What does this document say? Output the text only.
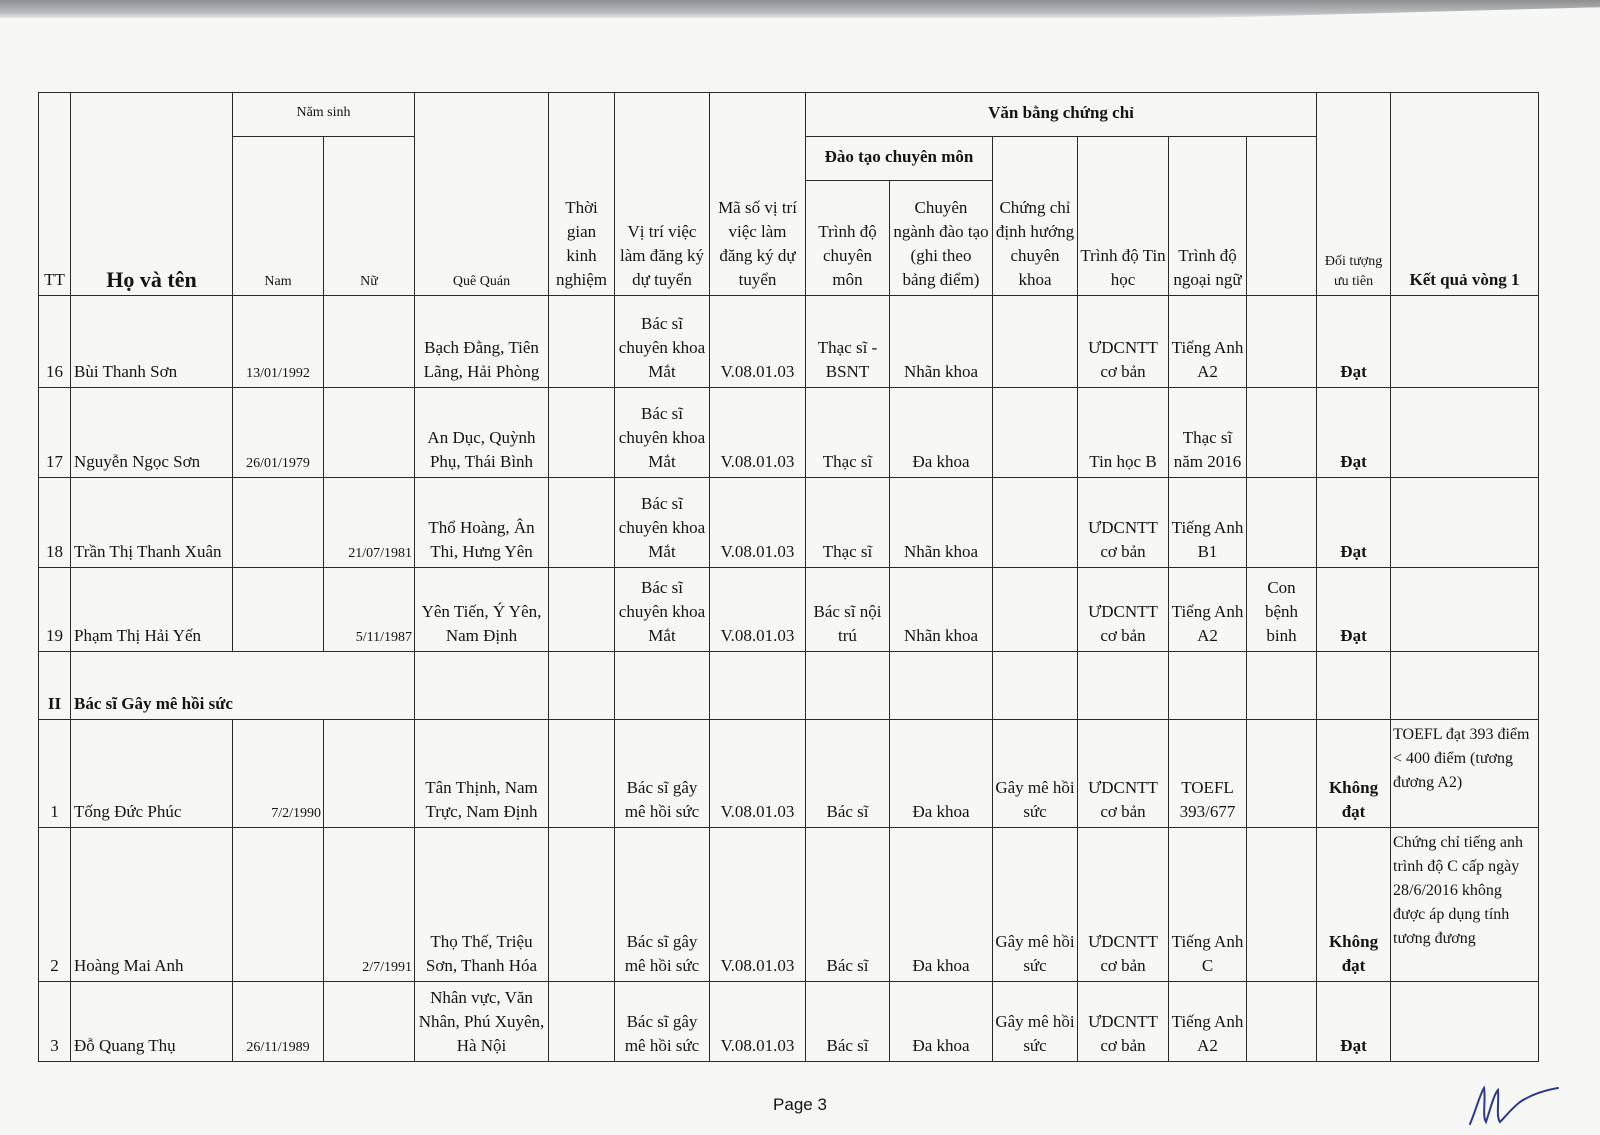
TT	Họ và tên	Năm sinh		Quê Quán	Thời gian kinh nghiệm	Vị trí việc làm đăng ký dự tuyển	Mã số vị trí việc làm đăng ký dự tuyển	Văn bằng chứng chỉ						Đối tượng ưu tiên	Kết quả vòng 1	
		Nam	Nữ					Đào tạo chuyên môn		Chứng chỉ định hướng chuyên khoa	Trình độ Tin học	Trình độ ngoại ngữ				
								Trình độ chuyên môn	Chuyên ngành đào tạo (ghi theo bảng điểm)							
16	Bùi Thanh Sơn	13/01/1992		Bạch Đằng, Tiên Lãng, Hải Phòng		Bác sĩ chuyên khoa Mắt	V.08.01.03	Thạc sĩ - BSNT	Nhãn khoa		ƯDCNTT cơ bản	Tiếng Anh A2		Đạt		
17	Nguyễn Ngọc Sơn	26/01/1979		An Dục, Quỳnh Phụ, Thái Bình		Bác sĩ chuyên khoa Mắt	V.08.01.03	Thạc sĩ	Đa khoa		Tin học B	Thạc sĩ năm 2016		Đạt		
18	Trần Thị Thanh Xuân		21/07/1981	Thổ Hoàng, Ân Thi, Hưng Yên		Bác sĩ chuyên khoa Mắt	V.08.01.03	Thạc sĩ	Nhãn khoa		ƯDCNTT cơ bản	Tiếng Anh B1		Đạt		
19	Phạm Thị Hải Yến		5/11/1987	Yên Tiến, Ý Yên, Nam Định		Bác sĩ chuyên khoa Mắt	V.08.01.03	Bác sĩ nội trú	Nhãn khoa		ƯDCNTT cơ bản	Tiếng Anh A2	Con bệnh binh	Đạt		
II	Bác sĩ Gây mê hồi sức															
1	Tống Đức Phúc	7/2/1990		Tân Thịnh, Nam Trực, Nam Định		Bác sĩ gây mê hồi sức	V.08.01.03	Bác sĩ	Đa khoa	Gây mê hồi sức	ƯDCNTT cơ bản	TOEFL 393/677		Không đạt	TOEFL đạt 393 điểm < 400 điểm (tương đương A2)	
2	Hoàng Mai Anh		2/7/1991	Thọ Thế, Triệu Sơn, Thanh Hóa		Bác sĩ gây mê hồi sức	V.08.01.03	Bác sĩ	Đa khoa	Gây mê hồi sức	ƯDCNTT cơ bản	Tiếng Anh C		Không đạt	Chứng chỉ tiếng anh trình độ C cấp ngày 28/6/2016 không được áp dụng tính tương đương	
3	Đỗ Quang Thụ	26/11/1989		Nhân vực, Văn Nhân, Phú Xuyên, Hà Nội		Bác sĩ gây mê hồi sức	V.08.01.03	Bác sĩ	Đa khoa	Gây mê hồi sức	ƯDCNTT cơ bản	Tiếng Anh A2		Đạt		
Page 3
